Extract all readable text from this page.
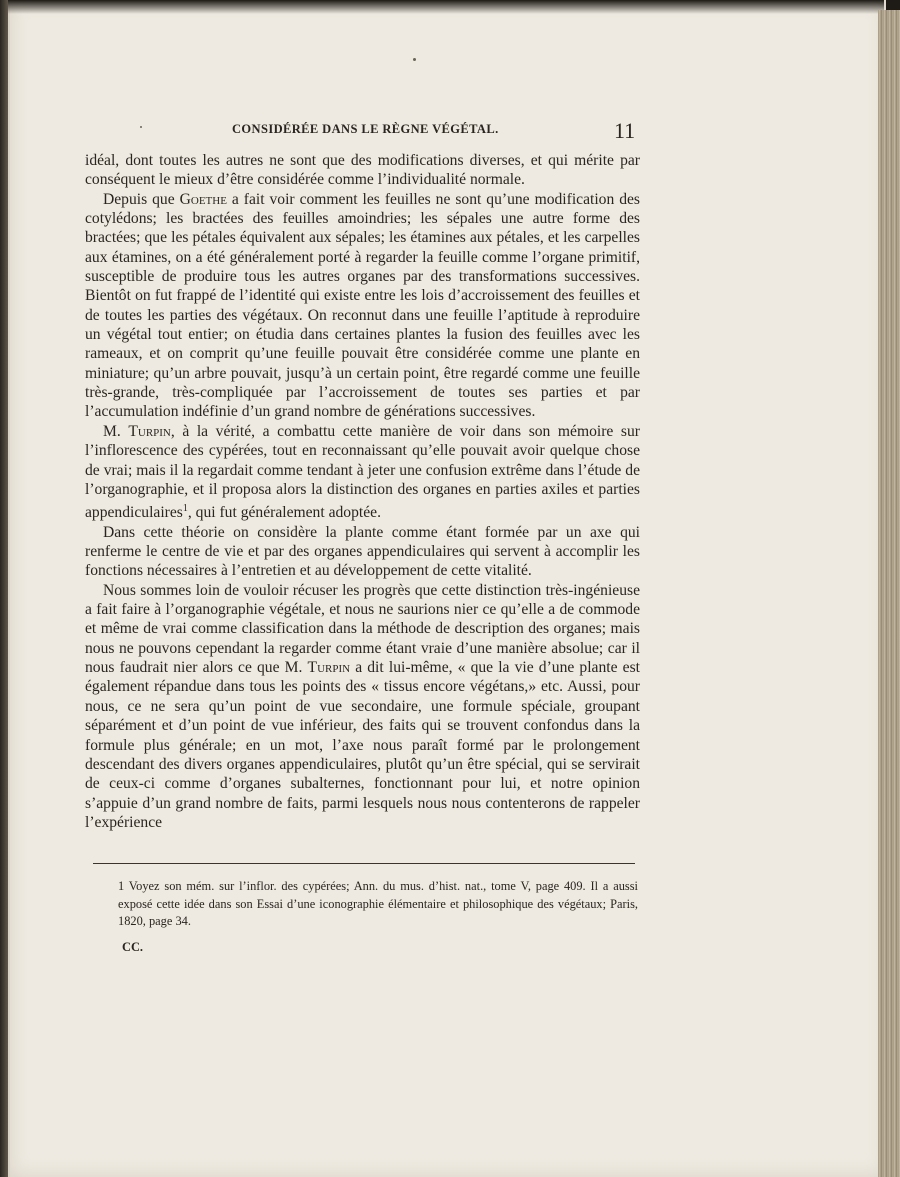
CONSIDÉRÉE DANS LE RÈGNE VÉGÉTAL.	11

idéal, dont toutes les autres ne sont que des modifications diverses, et qui mérite par conséquent le mieux d’être considérée comme l’individualité normale.

Depuis que Goethe a fait voir comment les feuilles ne sont qu’une modification des cotylédons; les bractées des feuilles amoindries; les sépales une autre forme des bractées; que les pétales équivalent aux sépales; les étamines aux pétales, et les carpelles aux étamines, on a été généralement porté à regarder la feuille comme l’organe primitif, susceptible de produire tous les autres organes par des transformations successives. Bientôt on fut frappé de l’identité qui existe entre les lois d’accroissement des feuilles et de toutes les parties des végétaux. On reconnut dans une feuille l’aptitude à reproduire un végétal tout entier; on étudia dans certaines plantes la fusion des feuilles avec les rameaux, et on comprit qu’une feuille pouvait être considérée comme une plante en miniature; qu’un arbre pouvait, jusqu’à un certain point, être regardé comme une feuille très-grande, très-compliquée par l’accroissement de toutes ses parties et par l’accumulation indéfinie d’un grand nombre de générations successives.

M. Turpin, à la vérité, a combattu cette manière de voir dans son mémoire sur l’inflorescence des cypérées, tout en reconnaissant qu’elle pouvait avoir quelque chose de vrai; mais il la regardait comme tendant à jeter une confusion extrême dans l’étude de l’organographie, et il proposa alors la distinction des organes en parties axiles et parties appendiculaires$^1$, qui fut généralement adoptée.

Dans cette théorie on considère la plante comme étant formée par un axe qui renferme le centre de vie et par des organes appendiculaires qui servent à accomplir les fonctions nécessaires à l’entretien et au développement de cette vitalité.

Nous sommes loin de vouloir récuser les progrès que cette distinction très-ingénieuse a fait faire à l’organographie végétale, et nous ne saurions nier ce qu’elle a de commode et même de vrai comme classification dans la méthode de description des organes; mais nous ne pouvons cependant la regarder comme étant vraie d’une manière absolue; car il nous faudrait nier alors ce que M. Turpin a dit lui-même, « que la vie d’une plante est également répandue dans tous les points des « tissus encore végétans,» etc. Aussi, pour nous, ce ne sera qu’un point de vue secondaire, une formule spéciale, groupant séparément et d’un point de vue inférieur, des faits qui se trouvent confondus dans la formule plus générale; en un mot, l’axe nous paraît formé par le prolongement descendant des divers organes appendiculaires, plutôt qu’un être spécial, qui se servirait de ceux-ci comme d’organes subalternes, fonctionnant pour lui, et notre opinion s’appuie d’un grand nombre de faits, parmi lesquels nous nous contenterons de rappeler l’expérience

1 Voyez son mém. sur l’inflor. des cypérées; Ann. du mus. d’hist. nat., tome V, page 409. Il a aussi exposé cette idée dans son Essai d’une iconographie élémentaire et philosophique des végétaux; Paris, 1820, page 34.

CC.
